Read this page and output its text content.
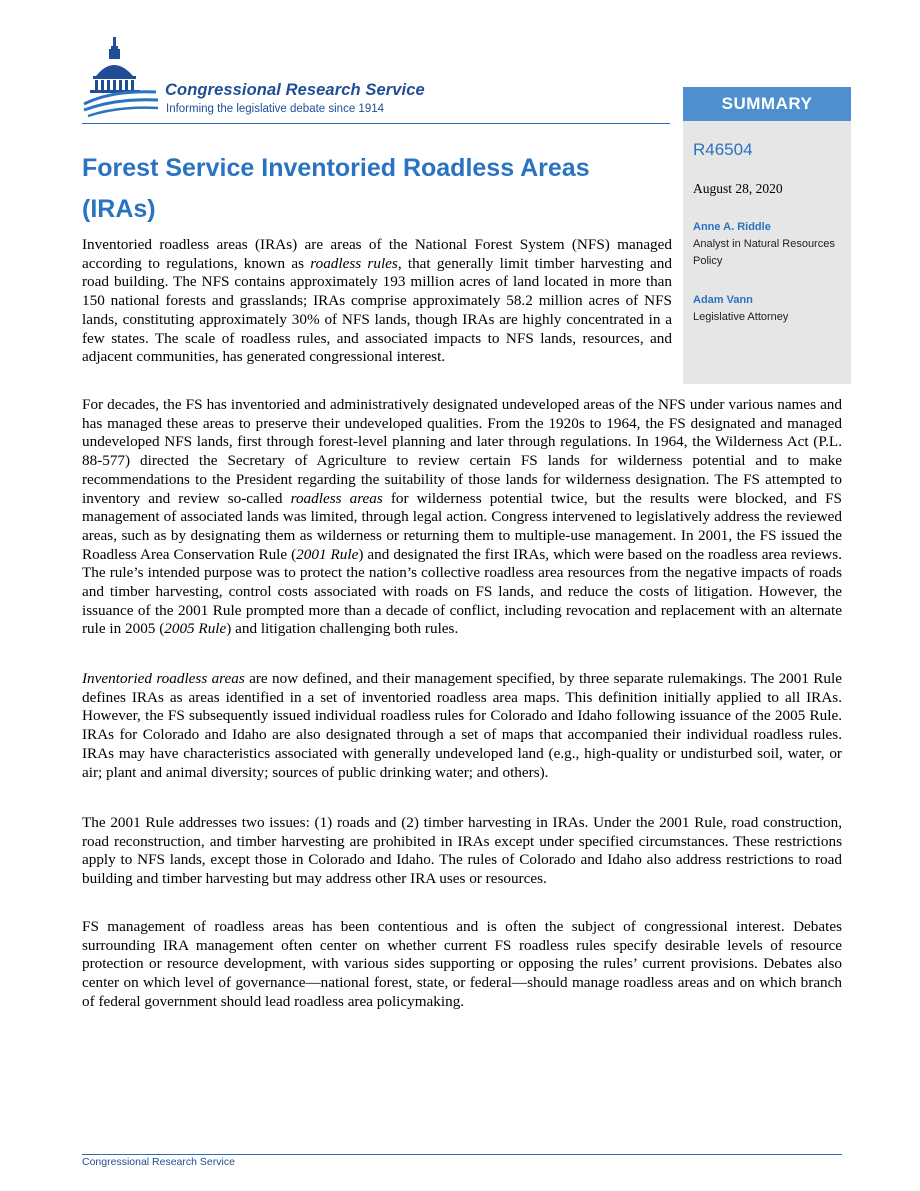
Congressional Research Service
Informing the legislative debate since 1914	SUMMARY
R46504
August 28, 2020
Anne A. Riddle
Analyst in Natural Resources Policy
Adam Vann
Legislative Attorney
Forest Service Inventoried Roadless Areas (IRAs)

Inventoried roadless areas (IRAs) are areas of the National Forest System (NFS) managed according to regulations, known as roadless rules, that generally limit timber harvesting and road building. The NFS contains approximately 193 million acres of land located in more than 150 national forests and grasslands; IRAs comprise approximately 58.2 million acres of NFS lands, constituting approximately 30% of NFS lands, though IRAs are highly concentrated in a few states. The scale of roadless rules, and associated impacts to NFS lands, resources, and adjacent communities, has generated congressional interest.

For decades, the FS has inventoried and administratively designated undeveloped areas of the NFS under various names and has managed these areas to preserve their undeveloped qualities. From the 1920s to 1964, the FS designated and managed undeveloped NFS lands, first through forest-level planning and later through regulations. In 1964, the Wilderness Act (P.L. 88-577) directed the Secretary of Agriculture to review certain FS lands for wilderness potential and to make recommendations to the President regarding the suitability of those lands for wilderness designation. The FS attempted to inventory and review so-called roadless areas for wilderness potential twice, but the results were blocked, and FS management of associated lands was limited, through legal action. Congress intervened to legislatively address the reviewed areas, such as by designating them as wilderness or returning them to multiple-use management. In 2001, the FS issued the Roadless Area Conservation Rule (2001 Rule) and designated the first IRAs, which were based on the roadless area reviews. The rule’s intended purpose was to protect the nation’s collective roadless area resources from the negative impacts of roads and timber harvesting, control costs associated with roads on FS lands, and reduce the costs of litigation. However, the issuance of the 2001 Rule prompted more than a decade of conflict, including revocation and replacement with an alternate rule in 2005 (2005 Rule) and litigation challenging both rules.

Inventoried roadless areas are now defined, and their management specified, by three separate rulemakings. The 2001 Rule defines IRAs as areas identified in a set of inventoried roadless area maps. This definition initially applied to all IRAs. However, the FS subsequently issued individual roadless rules for Colorado and Idaho following issuance of the 2005 Rule. IRAs for Colorado and Idaho are also designated through a set of maps that accompanied their individual roadless rules. IRAs may have characteristics associated with generally undeveloped land (e.g., high-quality or undisturbed soil, water, or air; plant and animal diversity; sources of public drinking water; and others).

The 2001 Rule addresses two issues: (1) roads and (2) timber harvesting in IRAs. Under the 2001 Rule, road construction, road reconstruction, and timber harvesting are prohibited in IRAs except under specified circumstances. These restrictions apply to NFS lands, except those in Colorado and Idaho. The rules of Colorado and Idaho also address restrictions to road building and timber harvesting but may address other IRA uses or resources.

FS management of roadless areas has been contentious and is often the subject of congressional interest. Debates surrounding IRA management often center on whether current FS roadless rules specify desirable levels of resource protection or resource development, with various sides supporting or opposing the rules’ current provisions. Debates also center on which level of governance—national forest, state, or federal—should manage roadless areas and on which branch of federal government should lead roadless area policymaking.

Congressional Research Service
